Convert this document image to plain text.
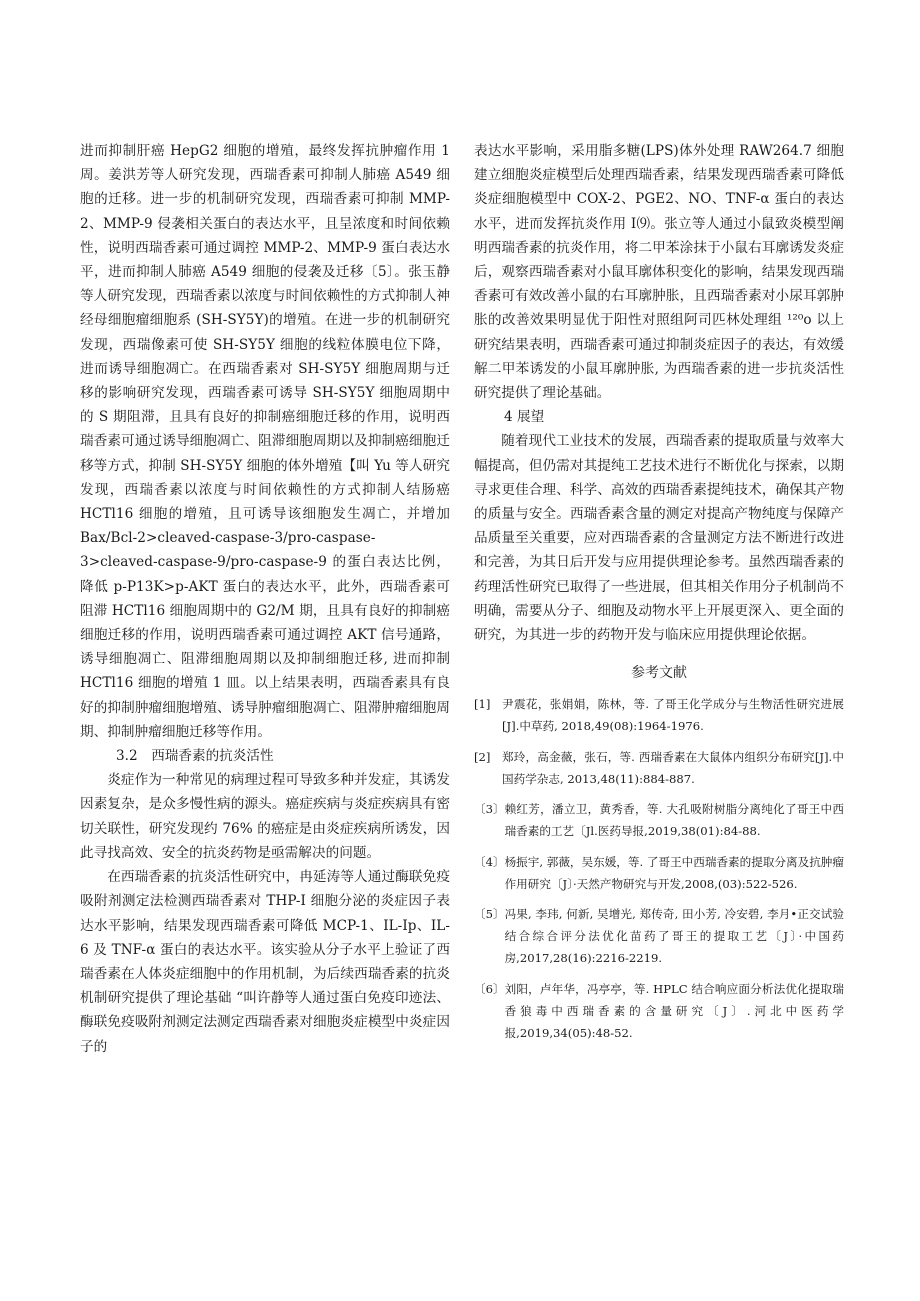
进而抑制肝癌 HepG2 细胞的增殖，最终发挥抗肿瘤作用 1 周。姜洪芳等人研究发现，西瑞香素可抑制人肺癌 A549 细胞的迁移。进一步的机制研究发现，西瑞香素可抑制 MMP-2、MMP-9 侵袭相关蛋白的表达水平，且呈浓度和时间依赖性，说明西瑞香素可通过调控 MMP-2、MMP-9 蛋白表达水平，进而抑制人肺癌 A549 细胞的侵袭及迁移〔5〕。张玉静等人研究发现，西瑞香素以浓度与时间依赖性的方式抑制人神经母细胞瘤细胞系 (SH-SY5Y)的增殖。在进一步的机制研究发现，西瑞像素可使 SH-SY5Y 细胞的线粒体膜电位下降，进而诱导细胞凋亡。在西瑞香素对 SH-SY5Y 细胞周期与迁移的影响研究发现，西瑞香素可诱导 SH-SY5Y 细胞周期中的 S 期阻滞，且具有良好的抑制癌细胞迁移的作用，说明西瑞香素可通过诱导细胞凋亡、阻滞细胞周期以及抑制癌细胞迁移等方式，抑制 SH-SY5Y 细胞的体外增殖【叫 Yu 等人研究发现，西瑞香素以浓度与时间依赖性的方式抑制人结肠癌 HCTl16 细胞的增殖，且可诱导该细胞发生凋亡，并增加 Bax/Bcl-2>cleaved-caspase-3/pro-caspase-3>cleaved-caspase-9/pro-caspase-9 的蛋白表达比例，降低 p-P13K>p-AKT 蛋白的表达水平，此外，西瑞香素可阻滞 HCTl16 细胞周期中的 G2/M 期，且具有良好的抑制癌细胞迁移的作用，说明西瑞香素可通过调控 AKT 信号通路，诱导细胞凋亡、阻滞细胞周期以及抑制细胞迁移, 进而抑制 HCTl16 细胞的增殖 1 皿。以上结果表明，西瑞香素具有良好的抑制肿瘤细胞增殖、诱导肿瘤细胞凋亡、阻滞肿瘤细胞周期、抑制肿瘤细胞迁移等作用。

3.2　西瑞香素的抗炎活性

炎症作为一种常见的病理过程可导致多种并发症，其诱发因素复杂，是众多慢性病的源头。癌症疾病与炎症疾病具有密切关联性，研究发现约 76% 的癌症是由炎症疾病所诱发，因此寻找高效、安全的抗炎药物是亟需解决的问题。

在西瑞香素的抗炎活性研究中，冉延涛等人通过酶联免疫吸附剂测定法检测西瑞香素对 THP-I 细胞分泌的炎症因子表达水平影响，结果发现西瑞香素可降低 MCP-1、IL-Ip、IL-6 及 TNF-α 蛋白的表达水平。该实验从分子水平上验证了西瑞香素在人体炎症细胞中的作用机制，为后续西瑞香素的抗炎机制研究提供了理论基础 “叫许静等人通过蛋白免疫印迹法、酶联免疫吸附剂测定法测定西瑞香素对细胞炎症模型中炎症因子的

表达水平影响，采用脂多糖(LPS)体外处理 RAW264.7 细胞建立细胞炎症模型后处理西瑞香素，结果发现西瑞香素可降低炎症细胞模型中 COX-2、PGE2、NO、TNF-α 蛋白的表达水平，进而发挥抗炎作用 I⑼。张立等人通过小鼠致炎模型阐明西瑞香素的抗炎作用，将二甲苯涂抹于小鼠右耳廓诱发炎症后，观察西瑞香素对小鼠耳廓体积变化的影响，结果发现西瑞香素可有效改善小鼠的右耳廓肿胀，且西瑞香素对小尿耳郭肿胀的改善效果明显优于阳性对照组阿司匹林处理组 ¹²⁰o 以上研究结果表明，西瑞香素可通过抑制炎症因子的表达，有效缓解二甲苯诱发的小鼠耳廓肿胀, 为西瑞香素的进一步抗炎活性研究提供了理论基础。

4 展望

随着现代工业技术的发展，西瑞香素的提取质量与效率大幅提高，但仍需对其提纯工艺技术进行不断优化与探索，以期寻求更佳合理、科学、高效的西瑞香素提纯技术，确保其产物的质量与安全。西瑞香素含量的测定对提高产物纯度与保障产品质量至关重要，应对西瑞香素的含量测定方法不断进行改进和完善，为其日后开发与应用提供理论参考。虽然西瑞香素的药理活性研究已取得了一些进展，但其相关作用分子机制尚不明确，需要从分子、细胞及动物水平上开展更深入、更全面的研究，为其进一步的药物开发与临床应用提供理论依据。

参考文献

[1] 尹震花，张娟娟，陈林，等. 了哥王化学成分与生物活性研究进展[J].中草药, 2018,49(08):1964-1976.
[2] 郑玲，高金薇，张石，等. 西瑞香素在大鼠体内组织分布研究[J].中国药学杂志, 2013,48(11):884-887.
〔3〕 赖红芳，潘立卫，黄秀香，等. 大孔吸附树脂分离纯化了哥王中西瑞香素的工艺〔Jl.医药导报,2019,38(01):84-88.
〔4〕 杨振宇, 郭薇，吴东媛，等. 了哥王中西瑞香素的提取分离及抗肿瘤作用研究〔J〕·天然产物研究与开发,2008,(03):522-526.
〔5〕 冯果, 李玮, 何新, 吴增光, 郑传奇, 田小芳, 冷安碧, 李月•正交试验结合综合评分法优化苗药了哥王的提取工艺〔J〕·中国药房,2017,28(16):2216-2219.
〔6〕 刘阳，卢年华，冯亭亭，等. HPLC 结合响应面分析法优化提取瑞香狼毒中西瑞香素的含量研究〔J〕.河北中医药学报,2019,34(05):48-52.
